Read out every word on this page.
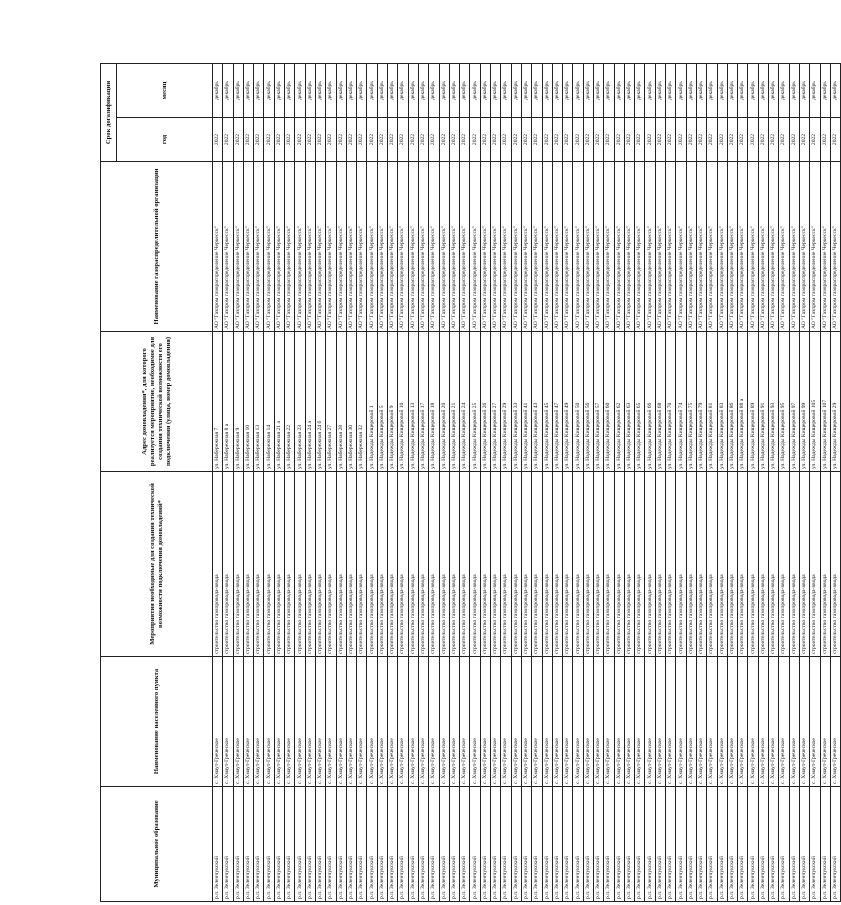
Муниципальное образование	Наименование населенного пункта	Мероприятия необходимые для создания технической возможности подключения домовладений*	Адрес домовладения*, для которого реализуется мероприятие, необходимое для создания технической возможности его подключения (улица, номер домовладения)	Наименование газораспределительной организации	Срок догазификации	
					год	месяц
р.п. Зеленчукский	с. Хмаут-Греческое	строительство газопровода-ввода	ул. Набережная 7	АО "Газпром газораспределение Черкесск"	2022	декабрь
р.п. Зеленчукский	с. Хмаут-Греческое	строительство газопровода-ввода	ул. Набережная 8 а	АО "Газпром газораспределение Черкесск"	2022	декабрь
р.п. Зеленчукский	с. Хмаут-Греческое	строительство газопровода-ввода	ул. Набережная 9	АО "Газпром газораспределение Черкесск"	2022	декабрь
р.п. Зеленчукский	с. Хмаут-Греческое	строительство газопровода-ввода	ул. Набережная 10	АО "Газпром газораспределение Черкесск"	2022	декабрь
р.п. Зеленчукский	с. Хмаут-Греческое	строительство газопровода-ввода	ул. Набережная 13	АО "Газпром газораспределение Черкесск"	2022	декабрь
р.п. Зеленчукский	с. Хмаут-Греческое	строительство газопровода-ввода	ул. Набережная 14	АО "Газпром газораспределение Черкесск"	2022	декабрь
р.п. Зеленчукский	с. Хмаут-Греческое	строительство газопровода-ввода	ул. Набережная 21 а	АО "Газпром газораспределение Черкесск"	2022	декабрь
р.п. Зеленчукский	с. Хмаут-Греческое	строительство газопровода-ввода	ул. Набережная 22	АО "Газпром газораспределение Черкесск"	2022	декабрь
р.п. Зеленчукский	с. Хмаут-Греческое	строительство газопровода-ввода	ул. Набережная 23	АО "Газпром газораспределение Черкесск"	2022	декабрь
р.п. Зеленчукский	с. Хмаут-Греческое	строительство газопровода-ввода	ул. Набережная 24 а	АО "Газпром газораспределение Черкесск"	2022	декабрь
р.п. Зеленчукский	с. Хмаут-Греческое	строительство газопровода-ввода	ул. Набережная 24 б	АО "Газпром газораспределение Черкесск"	2022	декабрь
р.п. Зеленчукский	с. Хмаут-Греческое	строительство газопровода-ввода	ул. Набережная 27	АО "Газпром газораспределение Черкесск"	2022	декабрь
р.п. Зеленчукский	с. Хмаут-Греческое	строительство газопровода-ввода	ул. Набережная 28	АО "Газпром газораспределение Черкесск"	2022	декабрь
р.п. Зеленчукский	с. Хмаут-Греческое	строительство газопровода-ввода	ул. Набережная 30	АО "Газпром газораспределение Черкесск"	2022	декабрь
р.п. Зеленчукский	с. Хмаут-Греческое	строительство газопровода-ввода	ул. Набережная 32	АО "Газпром газораспределение Черкесск"	2022	декабрь
р.п. Зеленчукский	с. Хмаут-Греческое	строительство газопровода-ввода	ул. Надежды Кищеровой 1	АО "Газпром газораспределение Черкесск"	2022	декабрь
р.п. Зеленчукский	с. Хмаут-Греческое	строительство газопровода-ввода	ул. Надежды Кищеровой 5	АО "Газпром газораспределение Черкесск"	2022	декабрь
р.п. Зеленчукский	с. Хмаут-Греческое	строительство газопровода-ввода	ул. Надежды Кищеровой 9	АО "Газпром газораспределение Черкесск"	2022	декабрь
р.п. Зеленчукский	с. Хмаут-Греческое	строительство газопровода-ввода	ул. Надежды Кищеровой 10	АО "Газпром газораспределение Черкесск"	2022	декабрь
р.п. Зеленчукский	с. Хмаут-Греческое	строительство газопровода-ввода	ул. Надежды Кищеровой 13	АО "Газпром газораспределение Черкесск"	2022	декабрь
р.п. Зеленчукский	с. Хмаут-Греческое	строительство газопровода-ввода	ул. Надежды Кищеровой 17	АО "Газпром газораспределение Черкесск"	2022	декабрь
р.п. Зеленчукский	с. Хмаут-Греческое	строительство газопровода-ввода	ул. Надежды Кищеровой 18	АО "Газпром газораспределение Черкесск"	2022	декабрь
р.п. Зеленчукский	с. Хмаут-Греческое	строительство газопровода-ввода	ул. Надежды Кищеровой 20	АО "Газпром газораспределение Черкесск"	2022	декабрь
р.п. Зеленчукский	с. Хмаут-Греческое	строительство газопровода-ввода	ул. Надежды Кищеровой 21	АО "Газпром газораспределение Черкесск"	2022	декабрь
р.п. Зеленчукский	с. Хмаут-Греческое	строительство газопровода-ввода	ул. Надежды Кищеровой 24	АО "Газпром газораспределение Черкесск"	2022	декабрь
р.п. Зеленчукский	с. Хмаут-Греческое	строительство газопровода-ввода	ул. Надежды Кищеровой 25	АО "Газпром газораспределение Черкесск"	2022	декабрь
р.п. Зеленчукский	с. Хмаут-Греческое	строительство газопровода-ввода	ул. Надежды Кищеровой 26	АО "Газпром газораспределение Черкесск"	2022	декабрь
р.п. Зеленчукский	с. Хмаут-Греческое	строительство газопровода-ввода	ул. Надежды Кищеровой 27	АО "Газпром газораспределение Черкесск"	2022	декабрь
р.п. Зеленчукский	с. Хмаут-Греческое	строительство газопровода-ввода	ул. Надежды Кищеровой 29	АО "Газпром газораспределение Черкесск"	2022	декабрь
р.п. Зеленчукский	с. Хмаут-Греческое	строительство газопровода-ввода	ул. Надежды Кищеровой 33	АО "Газпром газораспределение Черкесск"	2022	декабрь
р.п. Зеленчукский	с. Хмаут-Греческое	строительство газопровода-ввода	ул. Надежды Кищеровой 41	АО "Газпром газораспределение Черкесск"	2022	декабрь
р.п. Зеленчукский	с. Хмаут-Греческое	строительство газопровода-ввода	ул. Надежды Кищеровой 43	АО "Газпром газораспределение Черкесск"	2022	декабрь
р.п. Зеленчукский	с. Хмаут-Греческое	строительство газопровода-ввода	ул. Надежды Кищеровой 45	АО "Газпром газораспределение Черкесск"	2022	декабрь
р.п. Зеленчукский	с. Хмаут-Греческое	строительство газопровода-ввода	ул. Надежды Кищеровой 47	АО "Газпром газораспределение Черкесск"	2022	декабрь
р.п. Зеленчукский	с. Хмаут-Греческое	строительство газопровода-ввода	ул. Надежды Кищеровой 49	АО "Газпром газораспределение Черкесск"	2022	декабрь
р.п. Зеленчукский	с. Хмаут-Греческое	строительство газопровода-ввода	ул. Надежды Кищеровой 50	АО "Газпром газораспределение Черкесск"	2022	декабрь
р.п. Зеленчукский	с. Хмаут-Греческое	строительство газопровода-ввода	ул. Надежды Кищеровой 56	АО "Газпром газораспределение Черкесск"	2022	декабрь
р.п. Зеленчукский	с. Хмаут-Греческое	строительство газопровода-ввода	ул. Надежды Кищеровой 57	АО "Газпром газораспределение Черкесск"	2022	декабрь
р.п. Зеленчукский	с. Хмаут-Греческое	строительство газопровода-ввода	ул. Надежды Кищеровой 60	АО "Газпром газораспределение Черкесск"	2022	декабрь
р.п. Зеленчукский	с. Хмаут-Греческое	строительство газопровода-ввода	ул. Надежды Кищеровой 62	АО "Газпром газораспределение Черкесск"	2022	декабрь
р.п. Зеленчукский	с. Хмаут-Греческое	строительство газопровода-ввода	ул. Надежды Кищеровой 63	АО "Газпром газораспределение Черкесск"	2022	декабрь
р.п. Зеленчукский	с. Хмаут-Греческое	строительство газопровода-ввода	ул. Надежды Кищеровой 65	АО "Газпром газораспределение Черкесск"	2022	декабрь
р.п. Зеленчукский	с. Хмаут-Греческое	строительство газопровода-ввода	ул. Надежды Кищеровой 66	АО "Газпром газораспределение Черкесск"	2022	декабрь
р.п. Зеленчукский	с. Хмаут-Греческое	строительство газопровода-ввода	ул. Надежды Кищеровой 68	АО "Газпром газораспределение Черкесск"	2022	декабрь
р.п. Зеленчукский	с. Хмаут-Греческое	строительство газопровода-ввода	ул. Надежды Кищеровой 70	АО "Газпром газораспределение Черкесск"	2022	декабрь
р.п. Зеленчукский	с. Хмаут-Греческое	строительство газопровода-ввода	ул. Надежды Кищеровой 74	АО "Газпром газораспределение Черкесск"	2022	декабрь
р.п. Зеленчукский	с. Хмаут-Греческое	строительство газопровода-ввода	ул. Надежды Кищеровой 75	АО "Газпром газораспределение Черкесск"	2022	декабрь
р.п. Зеленчукский	с. Хмаут-Греческое	строительство газопровода-ввода	ул. Надежды Кищеровой 79	АО "Газпром газораспределение Черкесск"	2022	декабрь
р.п. Зеленчукский	с. Хмаут-Греческое	строительство газопровода-ввода	ул. Надежды Кищеровой 81	АО "Газпром газораспределение Черкесск"	2022	декабрь
р.п. Зеленчукский	с. Хмаут-Греческое	строительство газопровода-ввода	ул. Надежды Кищеровой 83	АО "Газпром газораспределение Черкесск"	2022	декабрь
р.п. Зеленчукский	с. Хмаут-Греческое	строительство газопровода-ввода	ул. Надежды Кищеровой 86	АО "Газпром газораспределение Черкесск"	2022	декабрь
р.п. Зеленчукский	с. Хмаут-Греческое	строительство газопровода-ввода	ул. Надежды Кищеровой 88 а	АО "Газпром газораспределение Черкесск"	2022	декабрь
р.п. Зеленчукский	с. Хмаут-Греческое	строительство газопровода-ввода	ул. Надежды Кищеровой 89	АО "Газпром газораспределение Черкесск"	2022	декабрь
р.п. Зеленчукский	с. Хмаут-Греческое	строительство газопровода-ввода	ул. Надежды Кищеровой 91	АО "Газпром газораспределение Черкесск"	2022	декабрь
р.п. Зеленчукский	с. Хмаут-Греческое	строительство газопровода-ввода	ул. Надежды Кищеровой 93	АО "Газпром газораспределение Черкесск"	2022	декабрь
р.п. Зеленчукский	с. Хмаут-Греческое	строительство газопровода-ввода	ул. Надежды Кищеровой 95	АО "Газпром газораспределение Черкесск"	2022	декабрь
р.п. Зеленчукский	с. Хмаут-Греческое	строительство газопровода-ввода	ул. Надежды Кищеровой 97	АО "Газпром газораспределение Черкесск"	2022	декабрь
р.п. Зеленчукский	с. Хмаут-Греческое	строительство газопровода-ввода	ул. Надежды Кищеровой 99	АО "Газпром газораспределение Черкесск"	2022	декабрь
р.п. Зеленчукский	с. Хмаут-Греческое	строительство газопровода-ввода	ул. Надежды Кищеровой 105	АО "Газпром газораспределение Черкесск"	2022	декабрь
р.п. Зеленчукский	с. Хмаут-Греческое	строительство газопровода-ввода	ул. Надежды Кищеровой 107	АО "Газпром газораспределение Черкесск"	2022	декабрь
р.п. Зеленчукский	с. Хмаут-Греческое	строительство газопровода-ввода	ул. Надежды Кищеровой 29	АО "Газпром газораспределение Черкесск"	2022	декабрь
